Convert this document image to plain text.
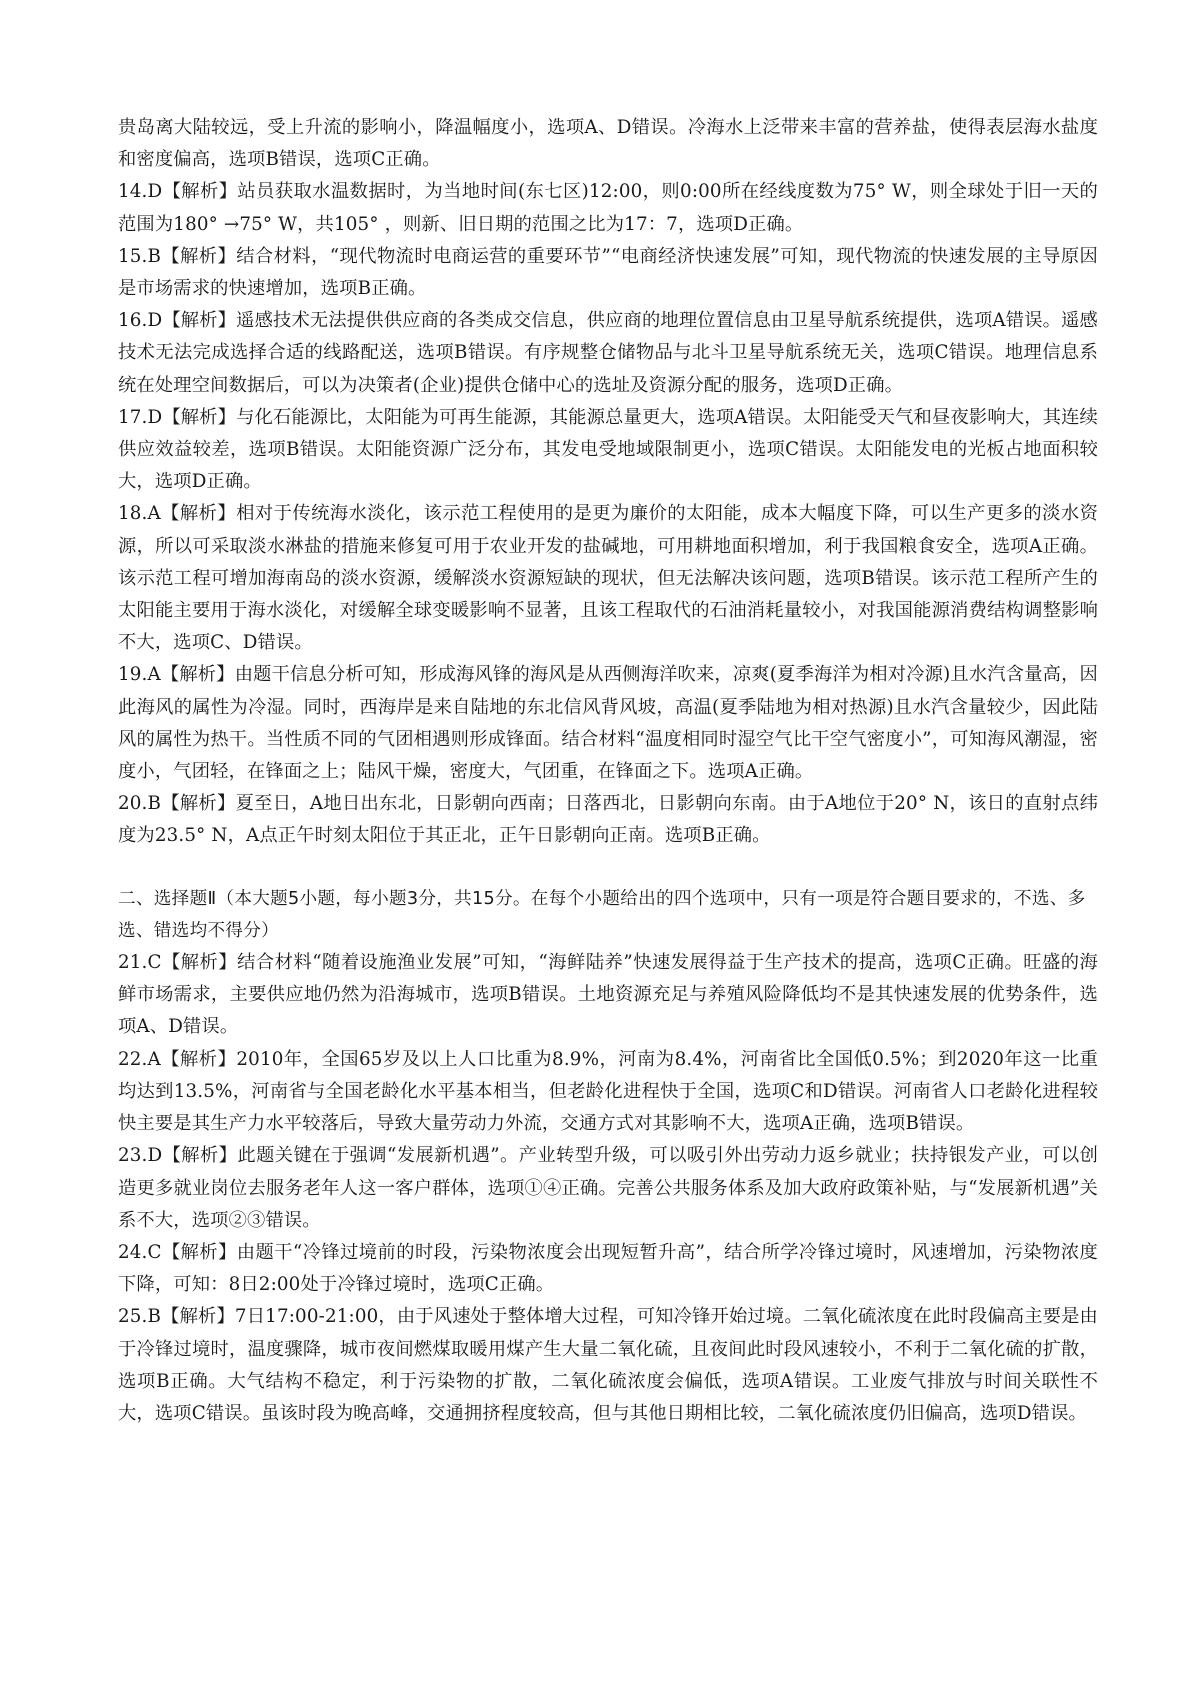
贵岛离大陆较远，受上升流的影响小，降温幅度小，选项A、D错误。冷海水上泛带来丰富的营养盐，使得表层海水盐度和密度偏高，选项B错误，选项C正确。

14.D【解析】站员获取水温数据时，为当地时间(东七区)12:00，则0:00所在经线度数为75° W，则全球处于旧一天的范围为180° →75° W，共105° ，则新、旧日期的范围之比为17：7，选项D正确。

15.B【解析】结合材料，“现代物流时电商运营的重要环节”“电商经济快速发展”可知，现代物流的快速发展的主导原因是市场需求的快速增加，选项B正确。

16.D【解析】遥感技术无法提供供应商的各类成交信息，供应商的地理位置信息由卫星导航系统提供，选项A错误。遥感技术无法完成选择合适的线路配送，选项B错误。有序规整仓储物品与北斗卫星导航系统无关，选项C错误。地理信息系统在处理空间数据后，可以为决策者(企业)提供仓储中心的选址及资源分配的服务，选项D正确。

17.D【解析】与化石能源比，太阳能为可再生能源，其能源总量更大，选项A错误。太阳能受天气和昼夜影响大，其连续供应效益较差，选项B错误。太阳能资源广泛分布，其发电受地域限制更小，选项C错误。太阳能发电的光板占地面积较大，选项D正确。

18.A【解析】相对于传统海水淡化，该示范工程使用的是更为廉价的太阳能，成本大幅度下降，可以生产更多的淡水资源，所以可采取淡水淋盐的措施来修复可用于农业开发的盐碱地，可用耕地面积增加，利于我国粮食安全，选项A正确。该示范工程可增加海南岛的淡水资源，缓解淡水资源短缺的现状，但无法解决该问题，选项B错误。该示范工程所产生的太阳能主要用于海水淡化，对缓解全球变暖影响不显著，且该工程取代的石油消耗量较小，对我国能源消费结构调整影响不大，选项C、D错误。

19.A【解析】由题干信息分析可知，形成海风锋的海风是从西侧海洋吹来，凉爽(夏季海洋为相对冷源)且水汽含量高，因此海风的属性为冷湿。同时，西海岸是来自陆地的东北信风背风坡，高温(夏季陆地为相对热源)且水汽含量较少，因此陆风的属性为热干。当性质不同的气团相遇则形成锋面。结合材料“温度相同时湿空气比干空气密度小”，可知海风潮湿，密度小，气团轻，在锋面之上；陆风干燥，密度大，气团重，在锋面之下。选项A正确。

20.B【解析】夏至日，A地日出东北，日影朝向西南；日落西北，日影朝向东南。由于A地位于20° N，该日的直射点纬度为23.5° N，A点正午时刻太阳位于其正北，正午日影朝向正南。选项B正确。

二、选择题Ⅱ（本大题5小题，每小题3分，共15分。在每个小题给出的四个选项中，只有一项是符合题目要求的，不选、多选、错选均不得分）

21.C【解析】结合材料“随着设施渔业发展”可知，“海鲜陆养”快速发展得益于生产技术的提高，选项C正确。旺盛的海鲜市场需求，主要供应地仍然为沿海城市，选项B错误。土地资源充足与养殖风险降低均不是其快速发展的优势条件，选项A、D错误。

22.A【解析】2010年，全国65岁及以上人口比重为8.9%，河南为8.4%，河南省比全国低0.5%；到2020年这一比重均达到13.5%，河南省与全国老龄化水平基本相当，但老龄化进程快于全国，选项C和D错误。河南省人口老龄化进程较快主要是其生产力水平较落后，导致大量劳动力外流，交通方式对其影响不大，选项A正确，选项B错误。

23.D【解析】此题关键在于强调“发展新机遇”。产业转型升级，可以吸引外出劳动力返乡就业；扶持银发产业，可以创造更多就业岗位去服务老年人这一客户群体，选项①④正确。完善公共服务体系及加大政府政策补贴，与“发展新机遇”关系不大，选项②③错误。

24.C【解析】由题干“冷锋过境前的时段，污染物浓度会出现短暂升高”，结合所学冷锋过境时，风速增加，污染物浓度下降，可知：8日2:00处于冷锋过境时，选项C正确。

25.B【解析】7日17:00-21:00，由于风速处于整体增大过程，可知冷锋开始过境。二氧化硫浓度在此时段偏高主要是由于冷锋过境时，温度骤降，城市夜间燃煤取暖用煤产生大量二氧化硫，且夜间此时段风速较小，不利于二氧化硫的扩散，选项B正确。大气结构不稳定，利于污染物的扩散，二氧化硫浓度会偏低，选项A错误。工业废气排放与时间关联性不大，选项C错误。虽该时段为晚高峰，交通拥挤程度较高，但与其他日期相比较，二氧化硫浓度仍旧偏高，选项D错误。
